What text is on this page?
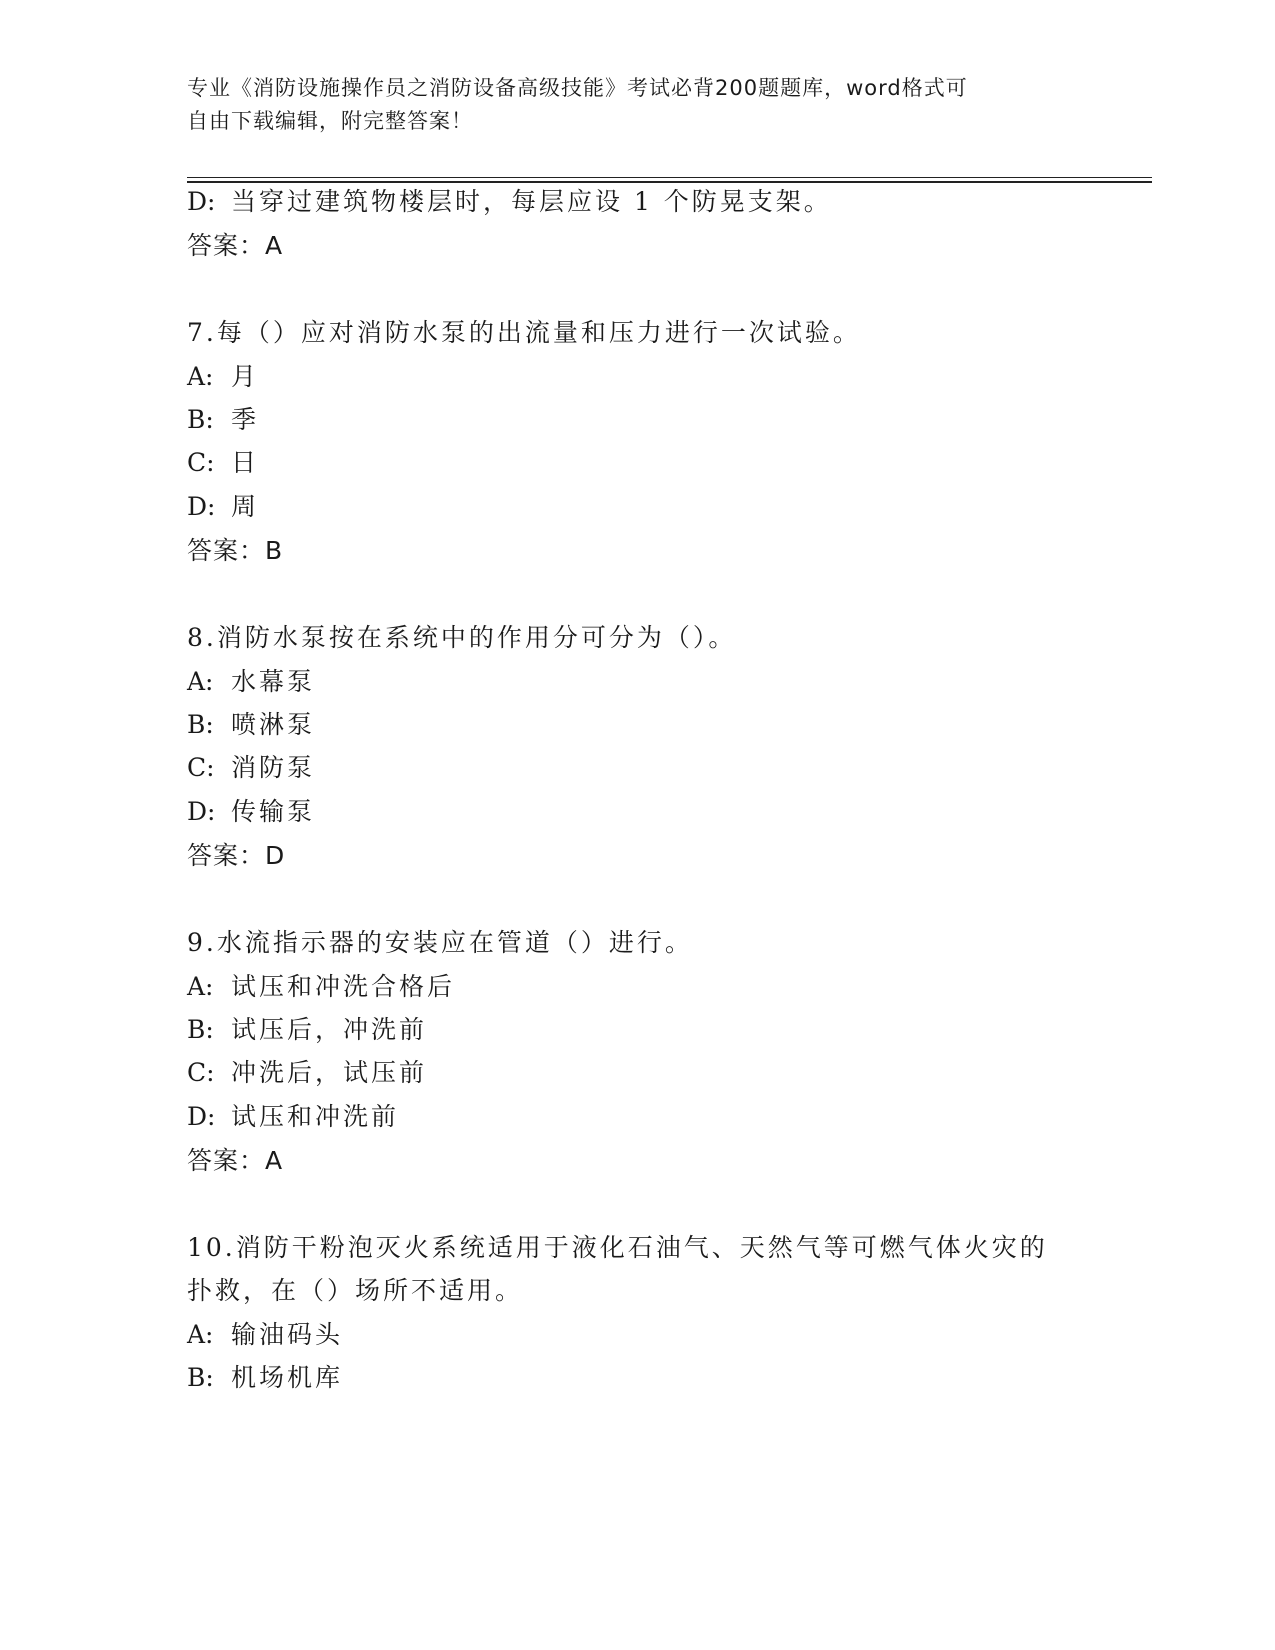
专业《消防设施操作员之消防设备高级技能》考试必背200题题库，word格式可
自由下载编辑，附完整答案！
D: 当穿过建筑物楼层时，每层应设 1 个防晃支架。
答案：A
7.每（）应对消防水泵的出流量和压力进行一次试验。
A: 月
B: 季
C: 日
D: 周
答案：B
8.消防水泵按在系统中的作用分可分为（）。
A: 水幕泵
B: 喷淋泵
C: 消防泵
D: 传输泵
答案：D
9.水流指示器的安装应在管道（）进行。
A: 试压和冲洗合格后
B: 试压后，冲洗前
C: 冲洗后，试压前
D: 试压和冲洗前
答案：A
10.消防干粉泡灭火系统适用于液化石油气、天然气等可燃气体火灾的
扑救，在（）场所不适用。
A: 输油码头
B: 机场机库
